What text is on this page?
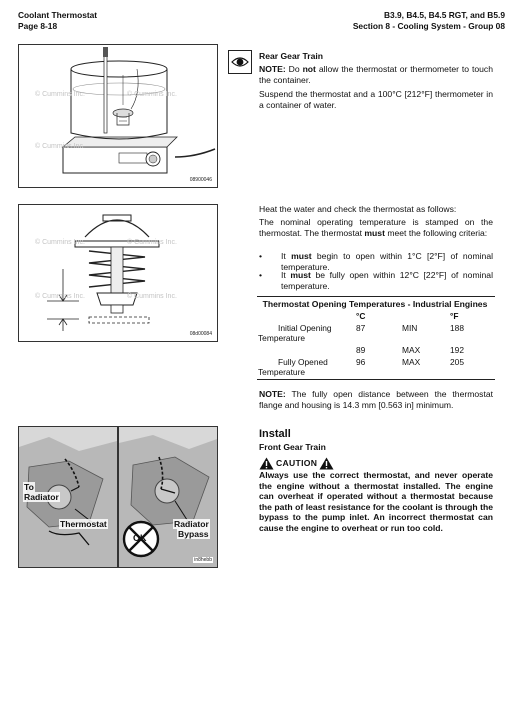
Coolant Thermostat
Page 8-18
B3.9, B4.5, B4.5 RGT, and B5.9
Section 8 - Cooling System - Group 08
© Cummins Inc.	© Cummins Inc.
© Cummins Inc.
08900046
Rear Gear Train
NOTE: Do not allow the thermostat or thermometer to touch the container.
Suspend the thermostat and a 100°C [212°F] thermometer in a container of water.
© Cummins Inc.	© Cummins Inc.
© Cummins Inc.	© Cummins Inc.
08d00084
Heat the water and check the thermostat as follows:
The nominal operating temperature is stamped on the thermostat. The thermostat must meet the following criteria:
• It must begin to open within 1°C [2°F] of nominal temperature.
• It must be fully open within 12°C [22°F] of nominal temperature.
Thermostat Opening Temperatures - Industrial Engines
	°C		°F
Initial Opening Temperature	87	MIN	188
	89	MAX	192
Fully Opened Temperature	96	MAX	205
NOTE: The fully open distance between the thermostat flange and housing is 14.3 mm [0.563 in] minimum.
To
Radiator
Thermostat
OK
Radiator
Bypass
in8hebb
Install
Front Gear Train
CAUTION
Always use the correct thermostat, and never operate the engine without a thermostat installed. The engine can overheat if operated without a thermostat because the path of least resistance for the coolant is through the bypass to the pump inlet. An incorrect thermostat can cause the engine to overheat or run too cold.
